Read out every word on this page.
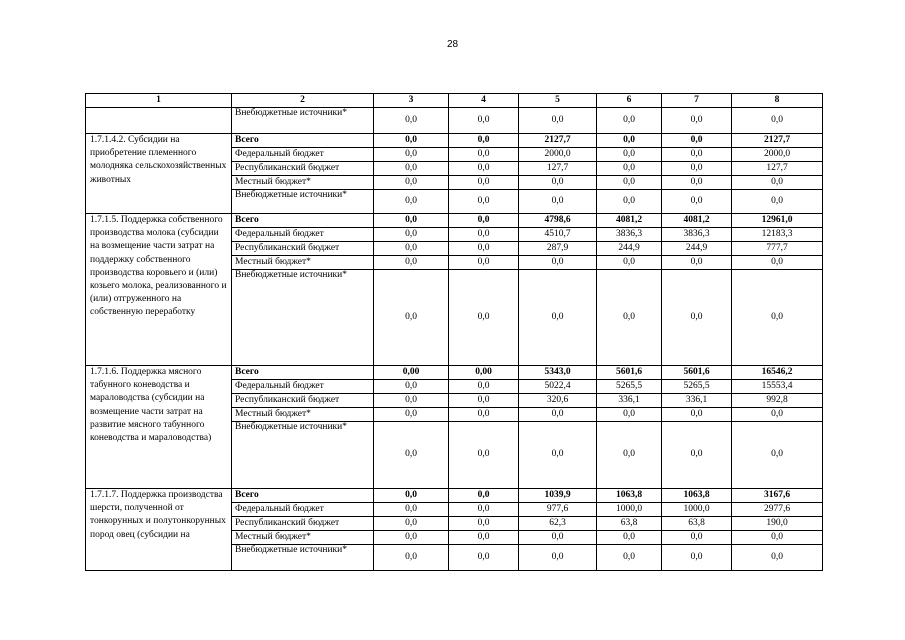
28
1	2	3	4	5	6	7	8
	Внебюджетные источники*	0,0	0,0	0,0	0,0	0,0	0,0
1.7.1.4.2. Субсидии на приобретение племенного молодняка сельскохозяйственных животных	Всего	0,0	0,0	2127,7	0,0	0,0	2127,7
	Федеральный бюджет	0,0	0,0	2000,0	0,0	0,0	2000,0
	Республиканский бюджет	0,0	0,0	127,7	0,0	0,0	127,7
	Местный бюджет*	0,0	0,0	0,0	0,0	0,0	0,0
	Внебюджетные источники*	0,0	0,0	0,0	0,0	0,0	0,0
1.7.1.5. Поддержка собственного производства молока (субсидии на возмещение части затрат на поддержку собственного производства коровьего и (или) козьего молока, реализованного и (или) отгруженного на собственную переработку	Всего	0,0	0,0	4798,6	4081,2	4081,2	12961,0
	Федеральный бюджет	0,0	0,0	4510,7	3836,3	3836,3	12183,3
	Республиканский бюджет	0,0	0,0	287,9	244,9	244,9	777,7
	Местный бюджет*	0,0	0,0	0,0	0,0	0,0	0,0
	Внебюджетные источники*	0,0	0,0	0,0	0,0	0,0	0,0
1.7.1.6. Поддержка мясного табунного коневодства и мараловодства (субсидии на возмещение части затрат на развитие мясного табунного коневодства и мараловодства)	Всего	0,00	0,00	5343,0	5601,6	5601,6	16546,2
	Федеральный бюджет	0,0	0,0	5022,4	5265,5	5265,5	15553,4
	Республиканский бюджет	0,0	0,0	320,6	336,1	336,1	992,8
	Местный бюджет*	0,0	0,0	0,0	0,0	0,0	0,0
	Внебюджетные источники*	0,0	0,0	0,0	0,0	0,0	0,0
1.7.1.7. Поддержка производства шерсти, полученной от тонкорунных и полутонкорунных пород овец (субсидии на	Всего	0,0	0,0	1039,9	1063,8	1063,8	3167,6
	Федеральный бюджет	0,0	0,0	977,6	1000,0	1000,0	2977,6
	Республиканский бюджет	0,0	0,0	62,3	63,8	63,8	190,0
	Местный бюджет*	0,0	0,0	0,0	0,0	0,0	0,0
	Внебюджетные источники*	0,0	0,0	0,0	0,0	0,0	0,0
